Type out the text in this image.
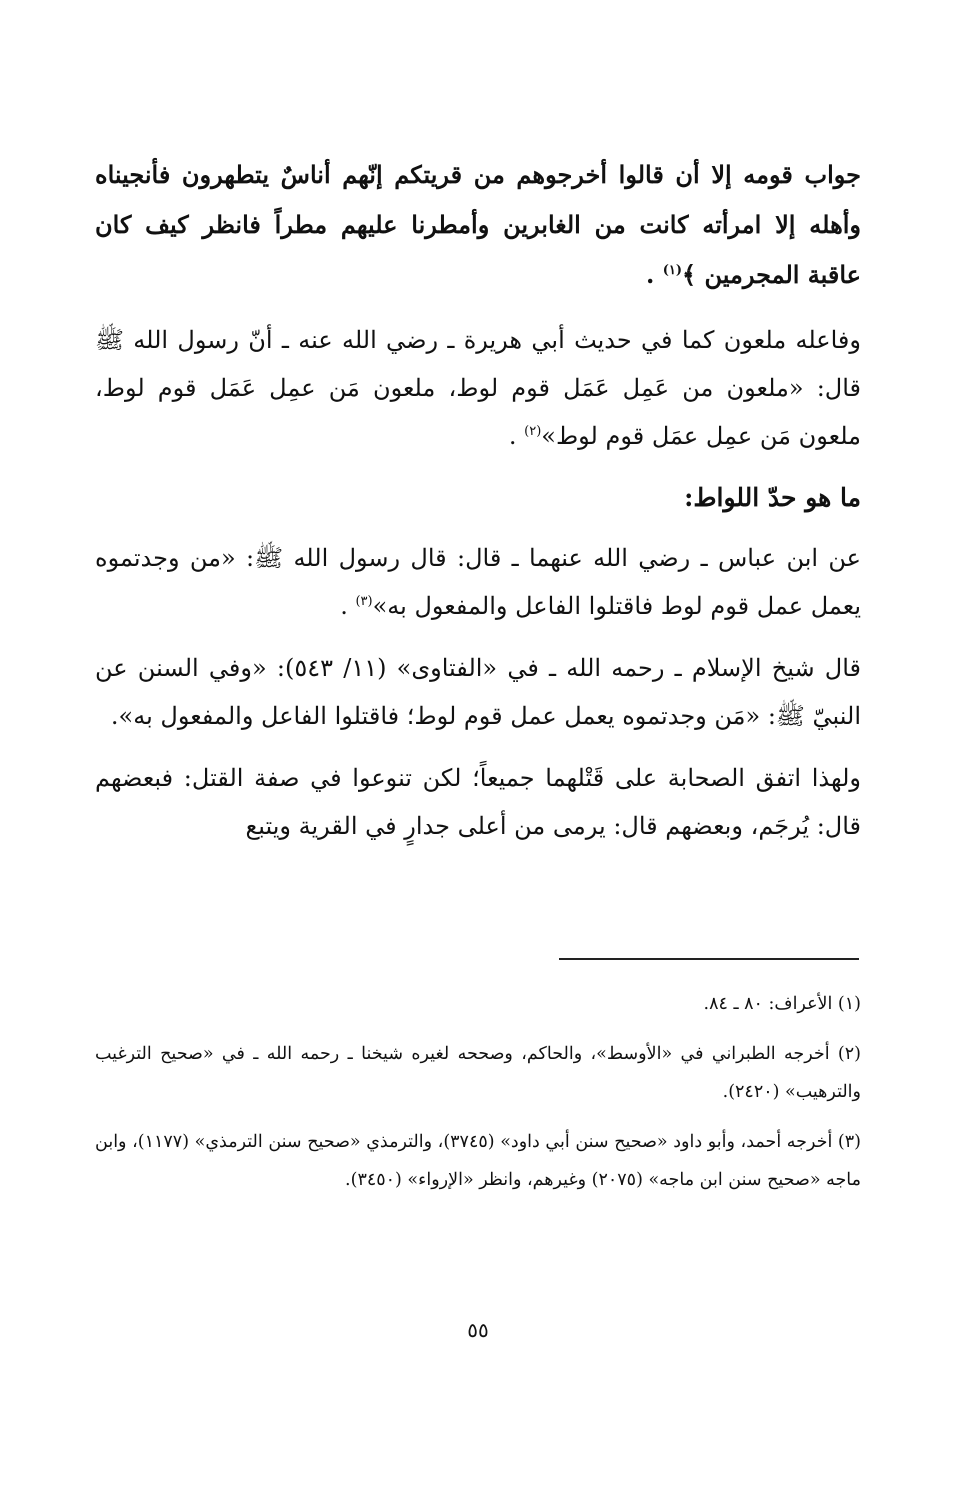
جواب قومه إلا أن قالوا أخرجوهم من قريتكم إنّهم أناسٌ يتطهرون فأنجيناه وأهله إلا امرأته كانت من الغابرين وأمطرنا عليهم مطراً فانظر كيف كان عاقبة المجرمين ﴾$^{(١)}$ .

وفاعله ملعون كما في حديث أبي هريرة ـ رضي الله عنه ـ أنّ رسول الله ﷺ قال: «ملعون من عَمِل عَمَل قوم لوط، ملعون مَن عمِل عَمَل قوم لوط، ملعون مَن عمِل عمَل قوم لوط»$^{(٢)}$ .

ما هو حدّ اللواط:

عن ابن عباس ـ رضي الله عنهما ـ قال: قال رسول الله ﷺ: «من وجدتموه يعمل عمل قوم لوط فاقتلوا الفاعل والمفعول به»$^{(٣)}$ .

قال شيخ الإسلام ـ رحمه الله ـ في «الفتاوى» (١١/ ٥٤٣): «وفي السنن عن النبيّ ﷺ: «مَن وجدتموه يعمل عمل قوم لوط؛ فاقتلوا الفاعل والمفعول به».

ولهذا اتفق الصحابة على قَتْلهما جميعاً؛ لكن تنوعوا في صفة القتل: فبعضهم قال: يُرجَم، وبعضهم قال: يرمى من أعلى جدارٍ في القرية ويتبع

(١) الأعراف: ٨٠ ـ ٨٤.

(٢) أخرجه الطبراني في «الأوسط»، والحاكم، وصححه لغيره شيخنا ـ رحمه الله ـ في «صحيح الترغيب والترهيب» (٢٤٢٠).

(٣) أخرجه أحمد، وأبو داود «صحيح سنن أبي داود» (٣٧٤٥)، والترمذي «صحيح سنن الترمذي» (١١٧٧)، وابن ماجه «صحيح سنن ابن ماجه» (٢٠٧٥) وغيرهم، وانظر «الإرواء» (٣٤٥٠).

٥٥
